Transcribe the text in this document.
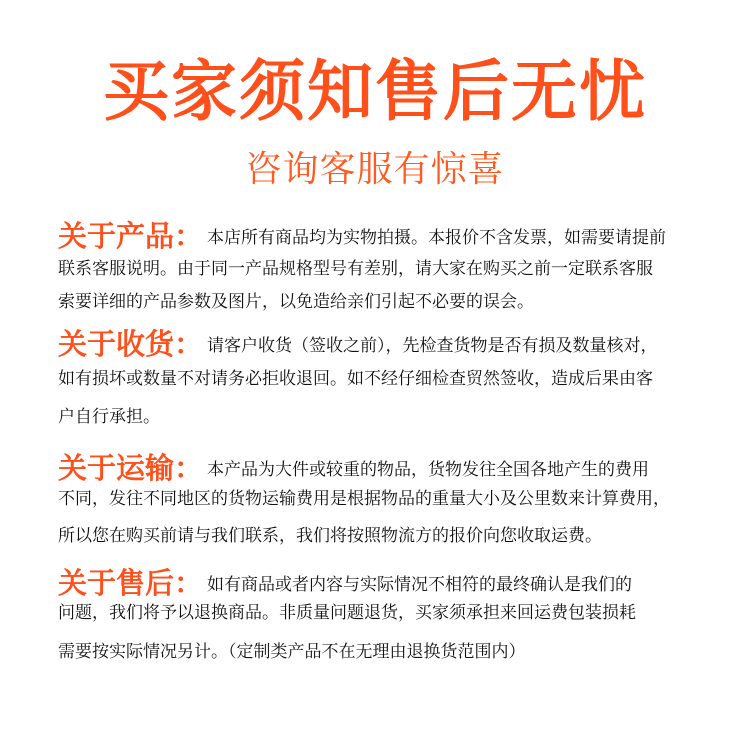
买家须知售后无忧
咨询客服有惊喜
关于产品： 本店所有商品均为实物拍摄。本报价不含发票，如需要请提前
联系客服说明。由于同一产品规格型号有差别，请大家在购买之前一定联系客服
索要详细的产品参数及图片，以免造给亲们引起不必要的误会。
关于收货： 请客户收货（签收之前），先检查货物是否有损及数量核对，
如有损坏或数量不对请务必拒收退回。如不经仔细检查贸然签收，造成后果由客
户自行承担。
关于运输： 本产品为大件或较重的物品，货物发往全国各地产生的费用
不同，发往不同地区的货物运输费用是根据物品的重量大小及公里数来计算费用，
所以您在购买前请与我们联系，我们将按照物流方的报价向您收取运费。
关于售后： 如有商品或者内容与实际情况不相符的最终确认是我们的
问题，我们将予以退换商品。非质量问题退货，买家须承担来回运费包装损耗
需要按实际情况另计。（定制类产品不在无理由退换货范围内）
